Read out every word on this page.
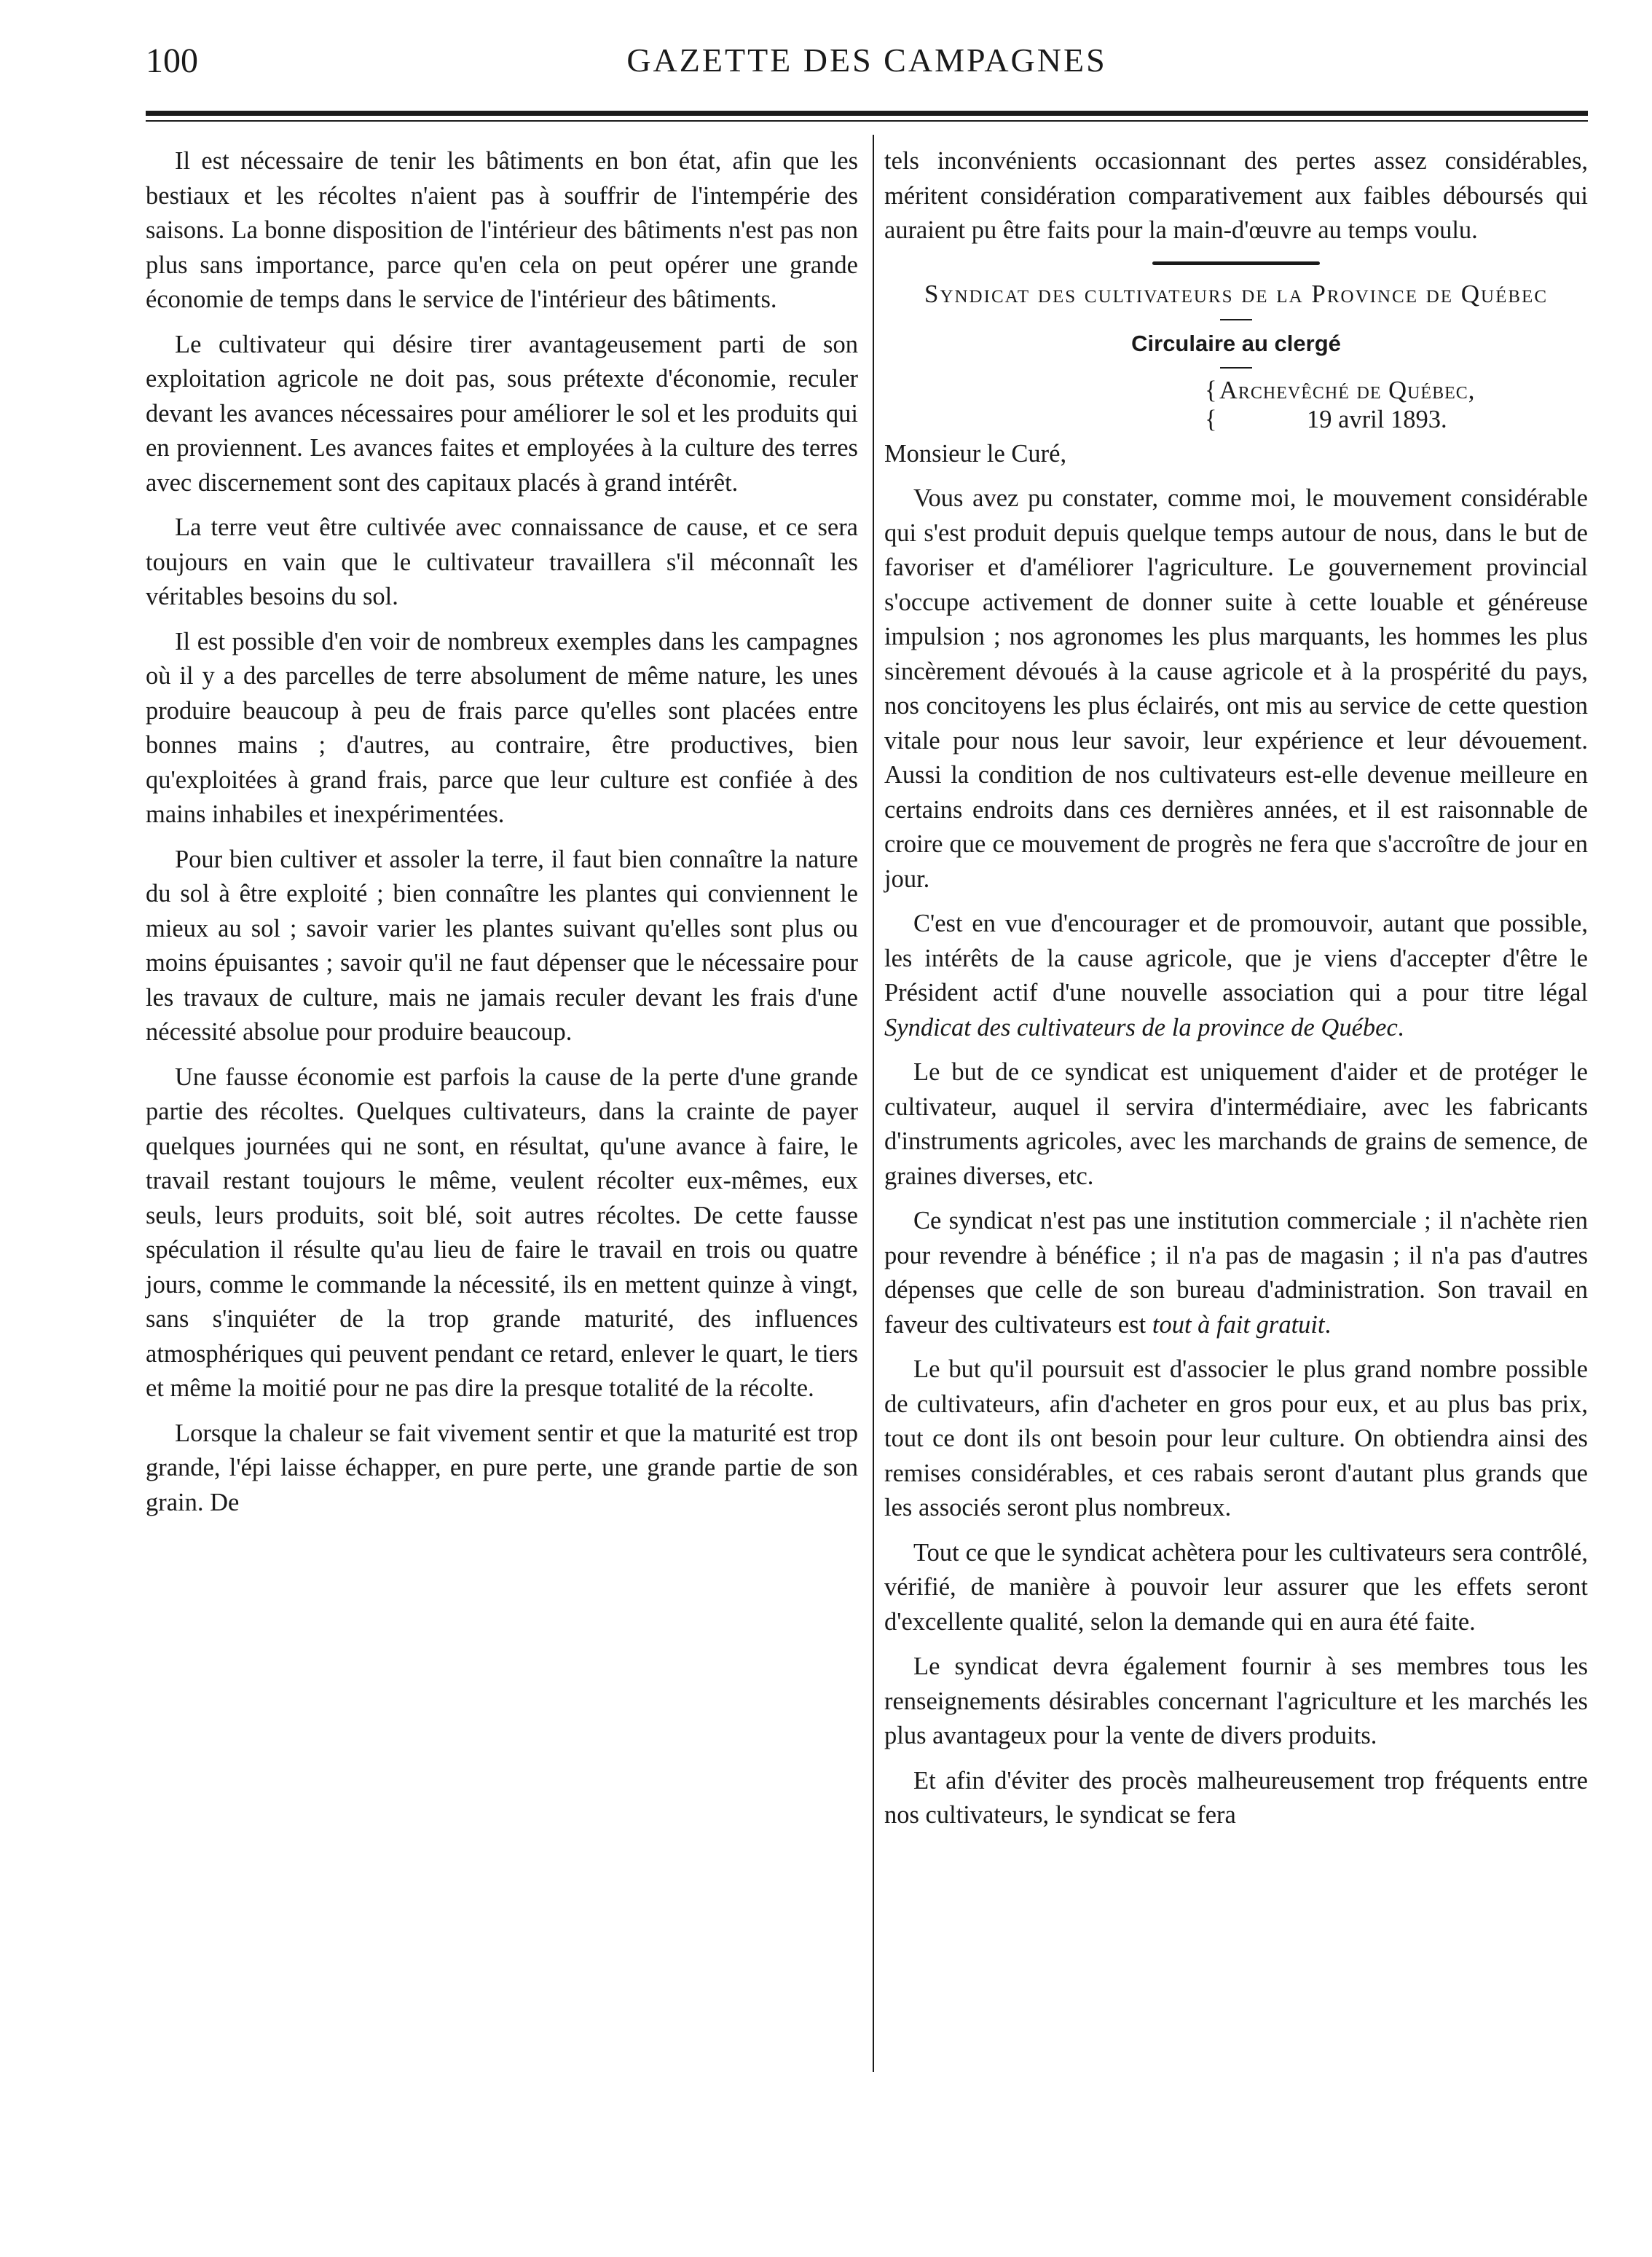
100	GAZETTE DES CAMPAGNES

Il est nécessaire de tenir les bâtiments en bon état, afin que les bestiaux et les récoltes n'aient pas à souffrir de l'intempérie des saisons. La bonne disposition de l'intérieur des bâtiments n'est pas non plus sans importance, parce qu'en cela on peut opérer une grande économie de temps dans le service de l'intérieur des bâtiments.

Le cultivateur qui désire tirer avantageusement parti de son exploitation agricole ne doit pas, sous prétexte d'économie, reculer devant les avances nécessaires pour améliorer le sol et les produits qui en proviennent. Les avances faites et employées à la culture des terres avec discernement sont des capitaux placés à grand intérêt.

La terre veut être cultivée avec connaissance de cause, et ce sera toujours en vain que le cultivateur travaillera s'il méconnaît les véritables besoins du sol.

Il est possible d'en voir de nombreux exemples dans les campagnes où il y a des parcelles de terre absolument de même nature, les unes produire beaucoup à peu de frais parce qu'elles sont placées entre bonnes mains ; d'autres, au contraire, être productives, bien qu'exploitées à grand frais, parce que leur culture est confiée à des mains inhabiles et inexpérimentées.

Pour bien cultiver et assoler la terre, il faut bien connaître la nature du sol à être exploité ; bien connaître les plantes qui conviennent le mieux au sol ; savoir varier les plantes suivant qu'elles sont plus ou moins épuisantes ; savoir qu'il ne faut dépenser que le nécessaire pour les travaux de culture, mais ne jamais reculer devant les frais d'une nécessité absolue pour produire beaucoup.

Une fausse économie est parfois la cause de la perte d'une grande partie des récoltes. Quelques cultivateurs, dans la crainte de payer quelques journées qui ne sont, en résultat, qu'une avance à faire, le travail restant toujours le même, veulent récolter eux-mêmes, eux seuls, leurs produits, soit blé, soit autres récoltes. De cette fausse spéculation il résulte qu'au lieu de faire le travail en trois ou quatre jours, comme le commande la nécessité, ils en mettent quinze à vingt, sans s'inquiéter de la trop grande maturité, des influences atmosphériques qui peuvent pendant ce retard, enlever le quart, le tiers et même la moitié pour ne pas dire la presque totalité de la récolte.

Lorsque la chaleur se fait vivement sentir et que la maturité est trop grande, l'épi laisse échapper, en pure perte, une grande partie de son grain. De

tels inconvénients occasionnant des pertes assez considérables, méritent considération comparativement aux faibles déboursés qui auraient pu être faits pour la main-d'œuvre au temps voulu.

Syndicat des cultivateurs de la Province de Québec
Circulaire au clergé
{Archevêché de Québec,
{	19 avril 1893.

Monsieur le Curé,

Vous avez pu constater, comme moi, le mouvement considérable qui s'est produit depuis quelque temps autour de nous, dans le but de favoriser et d'améliorer l'agriculture. Le gouvernement provincial s'occupe activement de donner suite à cette louable et généreuse impulsion ; nos agronomes les plus marquants, les hommes les plus sincèrement dévoués à la cause agricole et à la prospérité du pays, nos concitoyens les plus éclairés, ont mis au service de cette question vitale pour nous leur savoir, leur expérience et leur dévouement. Aussi la condition de nos cultivateurs est-elle devenue meilleure en certains endroits dans ces dernières années, et il est raisonnable de croire que ce mouvement de progrès ne fera que s'accroître de jour en jour.

C'est en vue d'encourager et de promouvoir, autant que possible, les intérêts de la cause agricole, que je viens d'accepter d'être le Président actif d'une nouvelle association qui a pour titre légal Syndicat des cultivateurs de la province de Québec.

Le but de ce syndicat est uniquement d'aider et de protéger le cultivateur, auquel il servira d'intermédiaire, avec les fabricants d'instruments agricoles, avec les marchands de grains de semence, de graines diverses, etc.

Ce syndicat n'est pas une institution commerciale ; il n'achète rien pour revendre à bénéfice ; il n'a pas de magasin ; il n'a pas d'autres dépenses que celle de son bureau d'administration. Son travail en faveur des cultivateurs est tout à fait gratuit.

Le but qu'il poursuit est d'associer le plus grand nombre possible de cultivateurs, afin d'acheter en gros pour eux, et au plus bas prix, tout ce dont ils ont besoin pour leur culture. On obtiendra ainsi des remises considérables, et ces rabais seront d'autant plus grands que les associés seront plus nombreux.

Tout ce que le syndicat achètera pour les cultivateurs sera contrôlé, vérifié, de manière à pouvoir leur assurer que les effets seront d'excellente qualité, selon la demande qui en aura été faite.

Le syndicat devra également fournir à ses membres tous les renseignements désirables concernant l'agriculture et les marchés les plus avantageux pour la vente de divers produits.

Et afin d'éviter des procès malheureusement trop fréquents entre nos cultivateurs, le syndicat se fera
